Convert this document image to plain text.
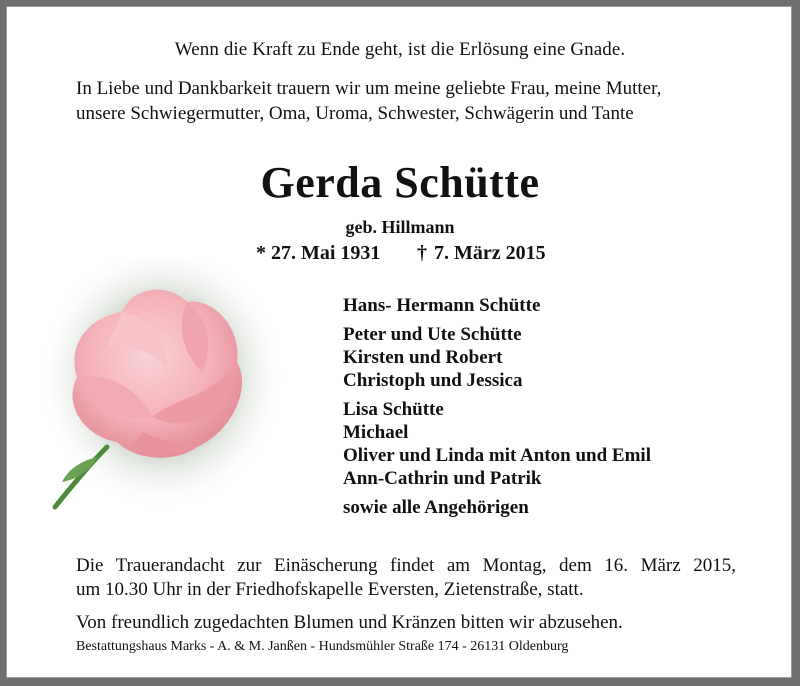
Wenn die Kraft zu Ende geht, ist die Erlösung eine Gnade.
In Liebe und Dankbarkeit trauern wir um meine geliebte Frau, meine Mutter,
unsere Schwiegermutter, Oma, Uroma, Schwester, Schwägerin und Tante
Gerda Schütte
geb. Hillmann
* 27. Mai 1931 † 7. März 2015
Hans- Hermann Schütte
Peter und Ute Schütte
Kirsten und Robert
Christoph und Jessica
Lisa Schütte
Michael
Oliver und Linda mit Anton und Emil
Ann-Cathrin und Patrik
sowie alle Angehörigen
Die Trauerandacht zur Einäscherung findet am Montag, dem 16. März 2015,
um 10.30 Uhr in der Friedhofskapelle Eversten, Zietenstraße, statt.
Von freundlich zugedachten Blumen und Kränzen bitten wir abzusehen.
Bestattungshaus Marks - A. & M. Janßen - Hundsmühler Straße 174 - 26131 Oldenburg
